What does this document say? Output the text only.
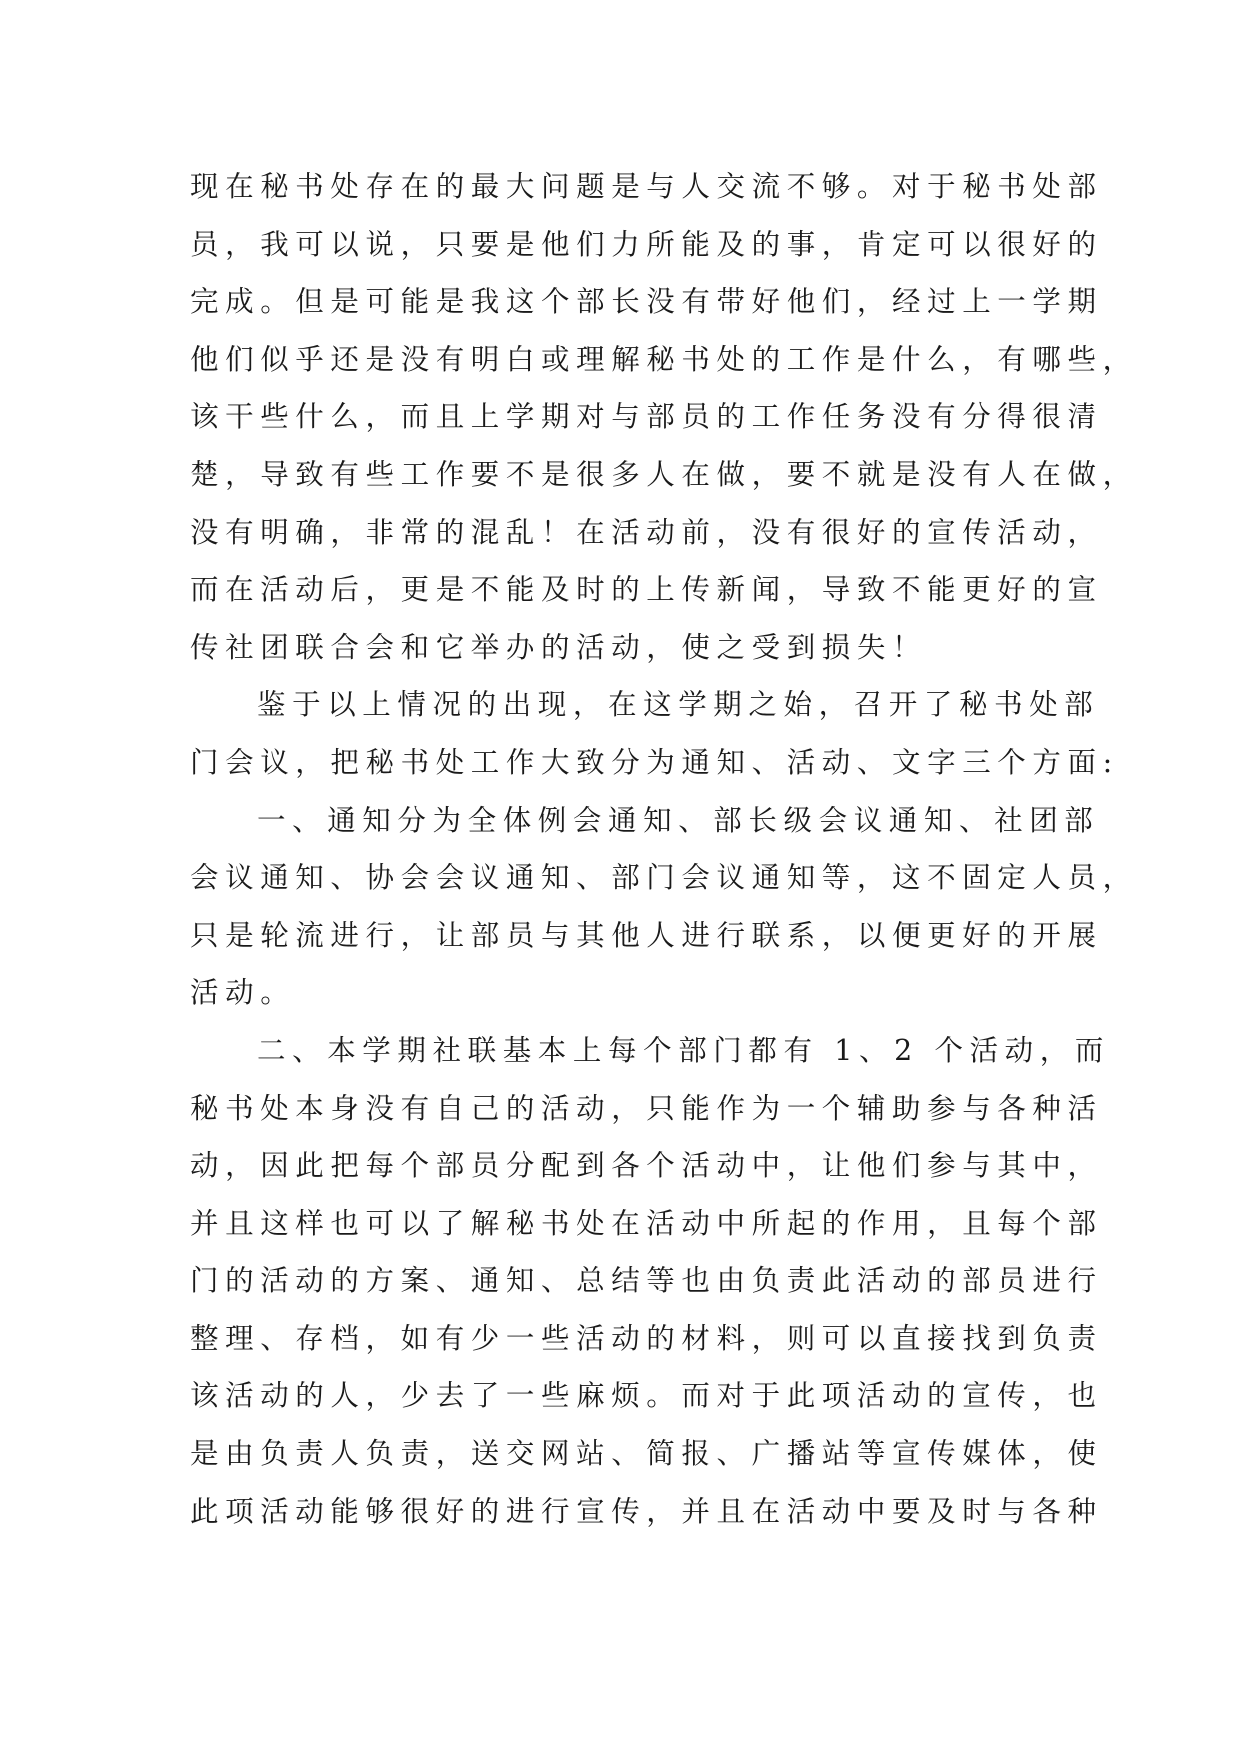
现在秘书处存在的最大问题是与人交流不够。对于秘书处部
员，我可以说，只要是他们力所能及的事，肯定可以很好的
完成。但是可能是我这个部长没有带好他们，经过上一学期
他们似乎还是没有明白或理解秘书处的工作是什么，有哪些，
该干些什么，而且上学期对与部员的工作任务没有分得很清
楚，导致有些工作要不是很多人在做，要不就是没有人在做，
没有明确，非常的混乱！在活动前，没有很好的宣传活动，
而在活动后，更是不能及时的上传新闻，导致不能更好的宣
传社团联合会和它举办的活动，使之受到损失！
鉴于以上情况的出现，在这学期之始，召开了秘书处部
门会议，把秘书处工作大致分为通知、活动、文字三个方面:
一、通知分为全体例会通知、部长级会议通知、社团部
会议通知、协会会议通知、部门会议通知等，这不固定人员，
只是轮流进行，让部员与其他人进行联系，以便更好的开展
活动。
二、本学期社联基本上每个部门都有 1、2 个活动，而
秘书处本身没有自己的活动，只能作为一个辅助参与各种活
动，因此把每个部员分配到各个活动中，让他们参与其中，
并且这样也可以了解秘书处在活动中所起的作用，且每个部
门的活动的方案、通知、总结等也由负责此活动的部员进行
整理、存档，如有少一些活动的材料，则可以直接找到负责
该活动的人，少去了一些麻烦。而对于此项活动的宣传，也
是由负责人负责，送交网站、简报、广播站等宣传媒体，使
此项活动能够很好的进行宣传，并且在活动中要及时与各种
